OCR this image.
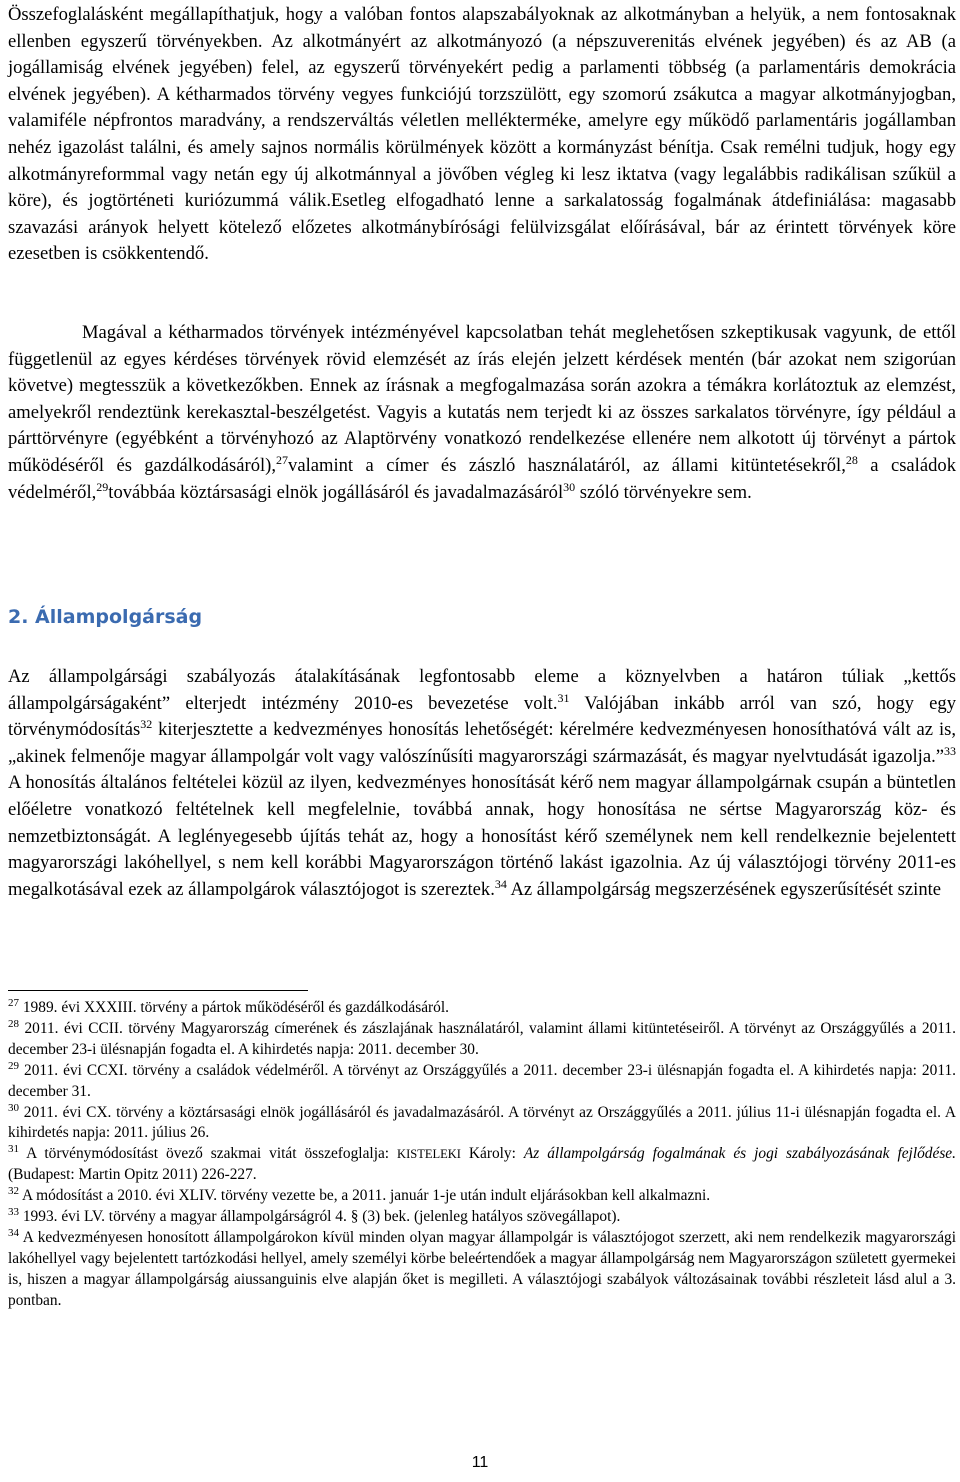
Összefoglalásként megállapíthatjuk, hogy a valóban fontos alapszabályoknak az alkotmányban a helyük, a nem fontosaknak ellenben egyszerű törvényekben. Az alkotmányért az alkotmányozó (a népszuverenitás elvének jegyében) és az AB (a jogállamiság elvének jegyében) felel, az egyszerű törvényekért pedig a parlamenti többség (a parlamentáris demokrácia elvének jegyében). A kétharmados törvény vegyes funkciójú torzszülött, egy szomorú zsákutca a magyar alkotmányjogban, valamiféle népfrontos maradvány, a rendszerváltás véletlen mellékterméke, amelyre egy működő parlamentáris jogállamban nehéz igazolást találni, és amely sajnos normális körülmények között a kormányzást bénítja. Csak remélni tudjuk, hogy egy alkotmányreformmal vagy netán egy új alkotmánnyal a jövőben végleg ki lesz iktatva (vagy legalábbis radikálisan szűkül a köre), és jogtörténeti kuriózummá válik.Esetleg elfogadható lenne a sarkalatosság fogalmának átdefiniálása: magasabb szavazási arányok helyett kötelező előzetes alkotmánybírósági felülvizsgálat előírásával, bár az érintett törvények köre ezesetben is csökkentendő.

Magával a kétharmados törvények intézményével kapcsolatban tehát meglehetősen szkeptikusak vagyunk, de ettől függetlenül az egyes kérdéses törvények rövid elemzését az írás elején jelzett kérdések mentén (bár azokat nem szigorúan követve) megtesszük a következőkben. Ennek az írásnak a megfogalmazása során azokra a témákra korlátoztuk az elemzést, amelyekről rendeztünk kerekasztal-beszélgetést. Vagyis a kutatás nem terjedt ki az összes sarkalatos törvényre, így például a párttörvényre (egyébként a törvényhozó az Alaptörvény vonatkozó rendelkezése ellenére nem alkotott új törvényt a pártok működéséről és gazdálkodásáról),$^{27}$valamint a címer és zászló használatáról, az állami kitüntetésekről,$^{28}$ a családok védelméről,$^{29}$továbbáa köztársasági elnök jogállásáról és javadalmazásáról$^{30}$ szóló törvényekre sem.

2. Állampolgárság

Az állampolgársági szabályozás átalakításának legfontosabb eleme a köznyelvben a határon túliak „kettős állampolgárságaként” elterjedt intézmény 2010-es bevezetése volt.$^{31}$ Valójában inkább arról van szó, hogy egy törvénymódosítás$^{32}$ kiterjesztette a kedvezményes honosítás lehetőségét: kérelmére kedvezményesen honosíthatóvá vált az is, „akinek felmenője magyar állampolgár volt vagy valószínűsíti magyarországi származását, és magyar nyelvtudását igazolja.”$^{33}$ A honosítás általános feltételei közül az ilyen, kedvezményes honosítását kérő nem magyar állampolgárnak csupán a büntetlen előéletre vonatkozó feltételnek kell megfelelnie, továbbá annak, hogy honosítása ne sértse Magyarország köz- és nemzetbiztonságát. A leglényegesebb újítás tehát az, hogy a honosítást kérő személynek nem kell rendelkeznie bejelentett magyarországi lakóhellyel, s nem kell korábbi Magyarországon történő lakást igazolnia. Az új választójogi törvény 2011-es megalkotásával ezek az állampolgárok választójogot is szereztek.$^{34}$ Az állampolgárság megszerzésének egyszerűsítését szinte

$^{27}$ 1989. évi XXXIII. törvény a pártok működéséről és gazdálkodásáról.

$^{28}$ 2011. évi CCII. törvény Magyarország címerének és zászlajának használatáról, valamint állami kitüntetéseiről. A törvényt az Országgyűlés a 2011. december 23-i ülésnapján fogadta el. A kihirdetés napja: 2011. december 30.

$^{29}$ 2011. évi CCXI. törvény a családok védelméről. A törvényt az Országgyűlés a 2011. december 23-i ülésnapján fogadta el. A kihirdetés napja: 2011. december 31.

$^{30}$ 2011. évi CX. törvény a köztársasági elnök jogállásáról és javadalmazásáról. A törvényt az Országgyűlés a 2011. július 11-i ülésnapján fogadta el. A kihirdetés napja: 2011. július 26.

$^{31}$ A törvénymódosítást övező szakmai vitát összefoglalja: KISTELEKI Károly: Az állampolgárság fogalmának és jogi szabályozásának fejlődése. (Budapest: Martin Opitz 2011) 226-227.

$^{32}$ A módosítást a 2010. évi XLIV. törvény vezette be, a 2011. január 1-je után indult eljárásokban kell alkalmazni.

$^{33}$ 1993. évi LV. törvény a magyar állampolgárságról 4. § (3) bek. (jelenleg hatályos szövegállapot).

$^{34}$ A kedvezményesen honosított állampolgárokon kívül minden olyan magyar állampolgár is választójogot szerzett, aki nem rendelkezik magyarországi lakóhellyel vagy bejelentett tartózkodási hellyel, amely személyi körbe beleértendőek a magyar állampolgárság nem Magyarországon született gyermekei is, hiszen a magyar állampolgárság aiussanguinis elve alapján őket is megilleti. A választójogi szabályok változásainak további részleteit lásd alul a 3. pontban.

11
